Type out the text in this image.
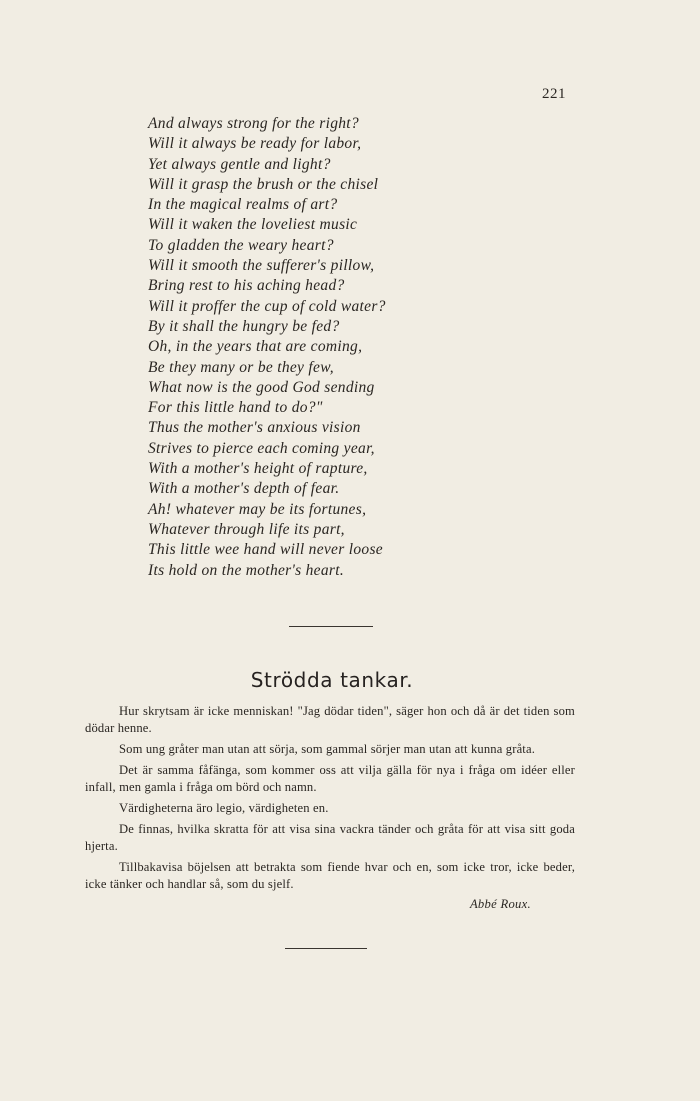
221
And always strong for the right?
Will it always be ready for labor,
Yet always gentle and light?
Will it grasp the brush or the chisel
In the magical realms of art?
Will it waken the loveliest music
To gladden the weary heart?
Will it smooth the sufferer's pillow,
Bring rest to his aching head?
Will it proffer the cup of cold water?
By it shall the hungry be fed?
Oh, in the years that are coming,
Be they many or be they few,
What now is the good God sending
For this little hand to do?"
Thus the mother's anxious vision
Strives to pierce each coming year,
With a mother's height of rapture,
With a mother's depth of fear.
Ah! whatever may be its fortunes,
Whatever through life its part,
This little wee hand will never loose
Its hold on the mother's heart.
Strödda tankar.

Hur skrytsam är icke menniskan! "Jag dödar tiden", säger hon och då är det tiden som dödar henne.

Som ung gråter man utan att sörja, som gammal sörjer man utan att kunna gråta.

Det är samma fåfänga, som kommer oss att vilja gälla för nya i fråga om idéer eller infall, men gamla i fråga om börd och namn.

Värdigheterna äro legio, värdigheten en.

De finnas, hvilka skratta för att visa sina vackra tänder och gråta för att visa sitt goda hjerta.

Tillbakavisa böjelsen att betrakta som fiende hvar och en, som icke tror, icke beder, icke tänker och handlar så, som du sjelf.

Abbé Roux.
